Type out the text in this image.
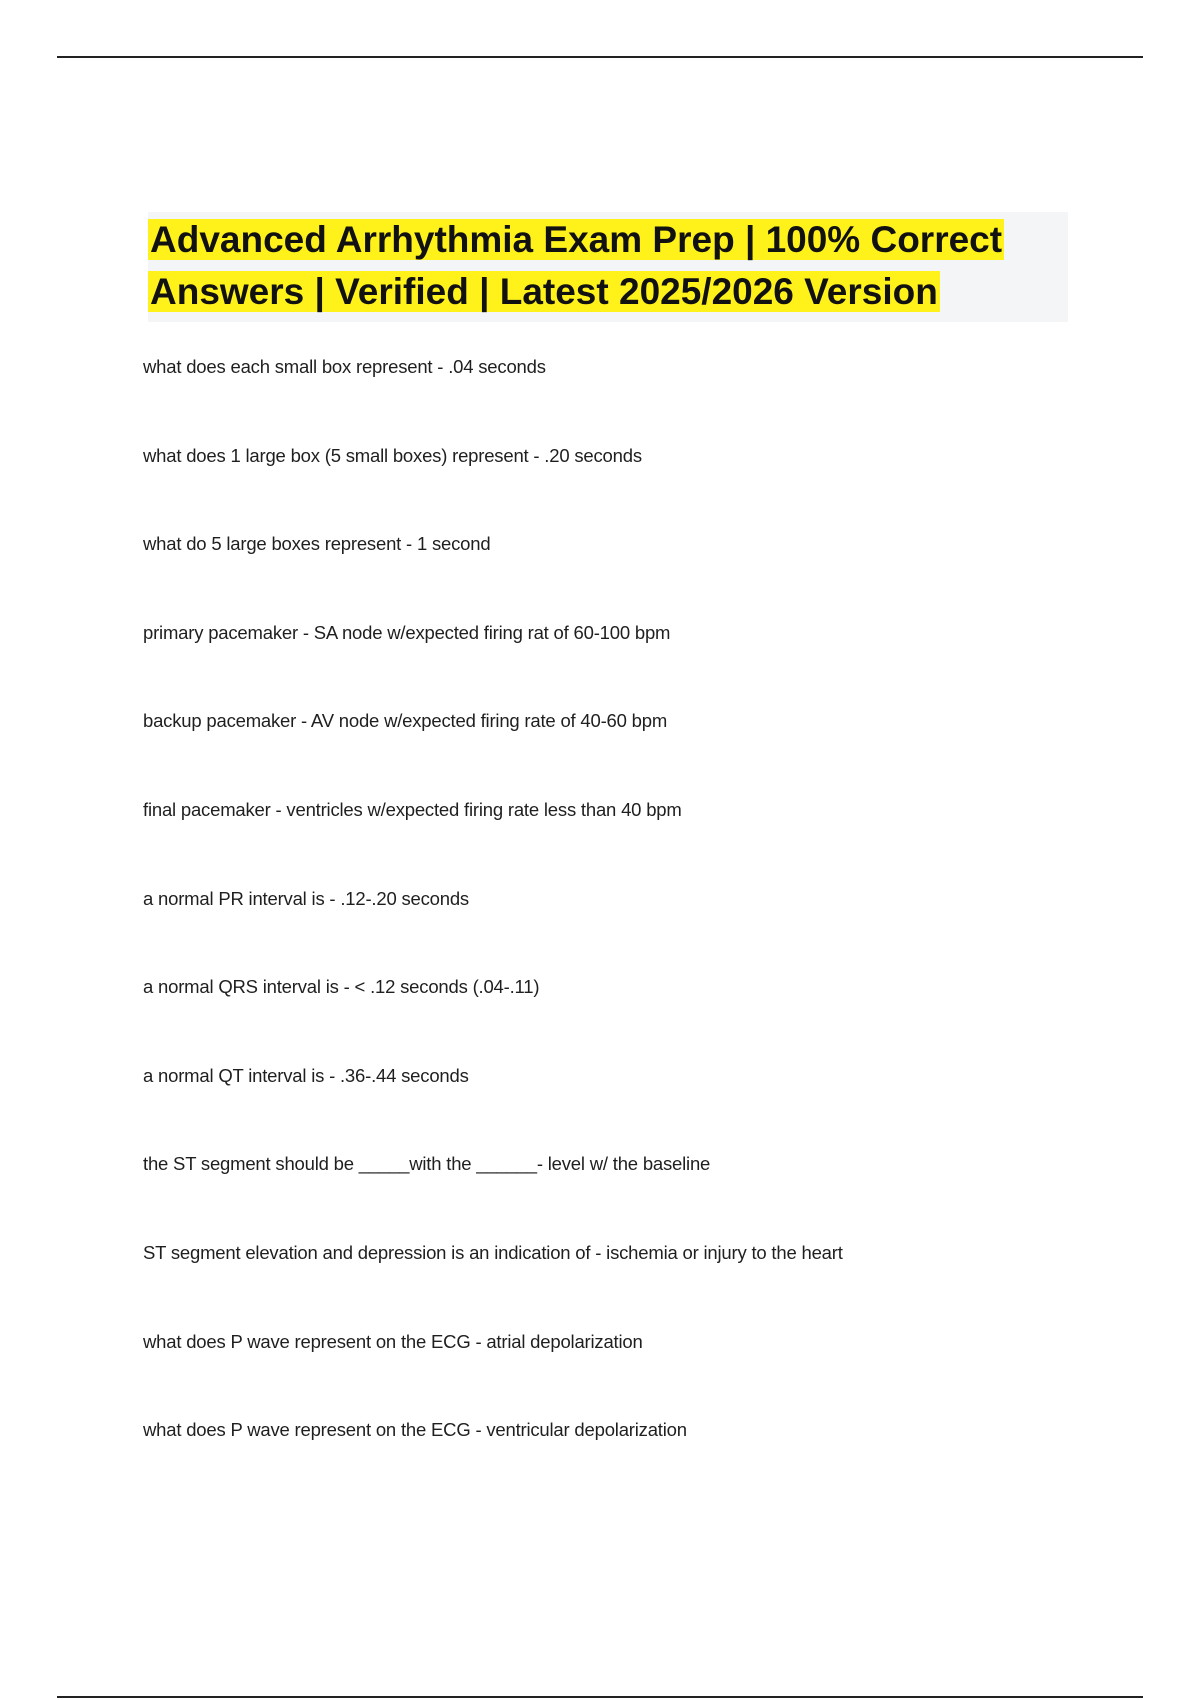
Advanced Arrhythmia Exam Prep | 100% Correct
Answers | Verified | Latest 2025/2026 Version
what does each small box represent - .04 seconds
what does 1 large box (5 small boxes) represent - .20 seconds
what do 5 large boxes represent - 1 second
primary pacemaker - SA node w/expected firing rat of 60-100 bpm
backup pacemaker - AV node w/expected firing rate of 40-60 bpm
final pacemaker - ventricles w/expected firing rate less than 40 bpm
a normal PR interval is - .12-.20 seconds
a normal QRS interval is - < .12 seconds (.04-.11)
a normal QT interval is - .36-.44 seconds
the ST segment should be _____with the ______- level w/ the baseline
ST segment elevation and depression is an indication of - ischemia or injury to the heart
what does P wave represent on the ECG - atrial depolarization
what does P wave represent on the ECG - ventricular depolarization
